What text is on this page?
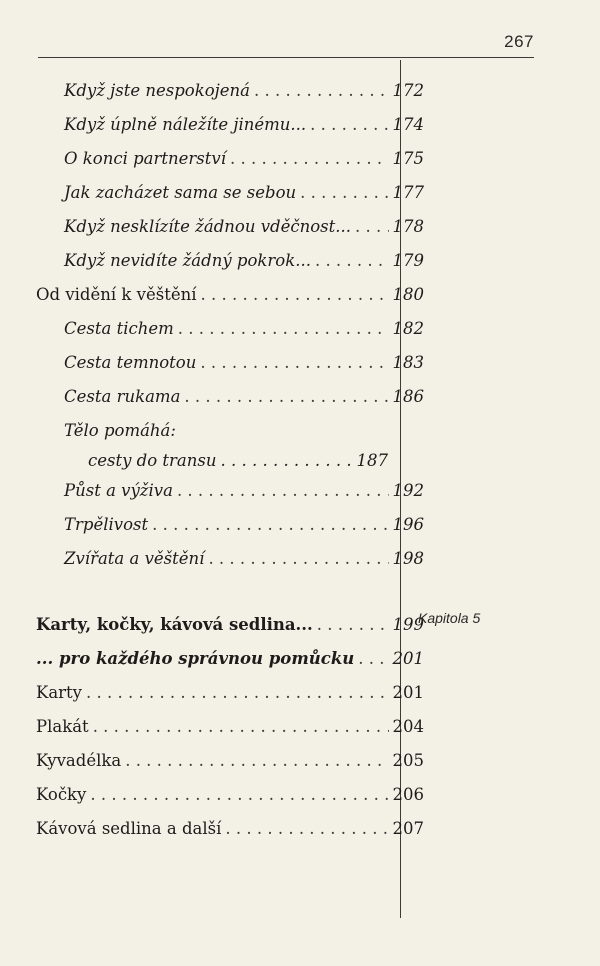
267
Když jste nespokojená . . .	172
Když úplně náležíte jinému... . . .	174
O konci partnerství . . .	175
Jak zacházet sama se sebou . . .	177
Když nesklízíte žádnou vděčnost... . . .	178
Když nevidíte žádný pokrok... . . .	179
Od vidění k věštění . . .	180
Cesta tichem . . .	182
Cesta temnotou . . .	183
Cesta rukama . . .	186
Tělo pomáhá:
cesty do transu . . .	187
Půst a výživa . . .	192
Trpělivost . . .	196
Zvířata a věštění . . .	198
Karty, kočky, kávová sedlina... . . .	199
... pro každého správnou pomůcku . . . 201
Karty . . .	201
Plakát . . .	204
Kyvadélka . . .	205
Kočky . . .	206
Kávová sedlina a další . . .	207
Kapitola 5
